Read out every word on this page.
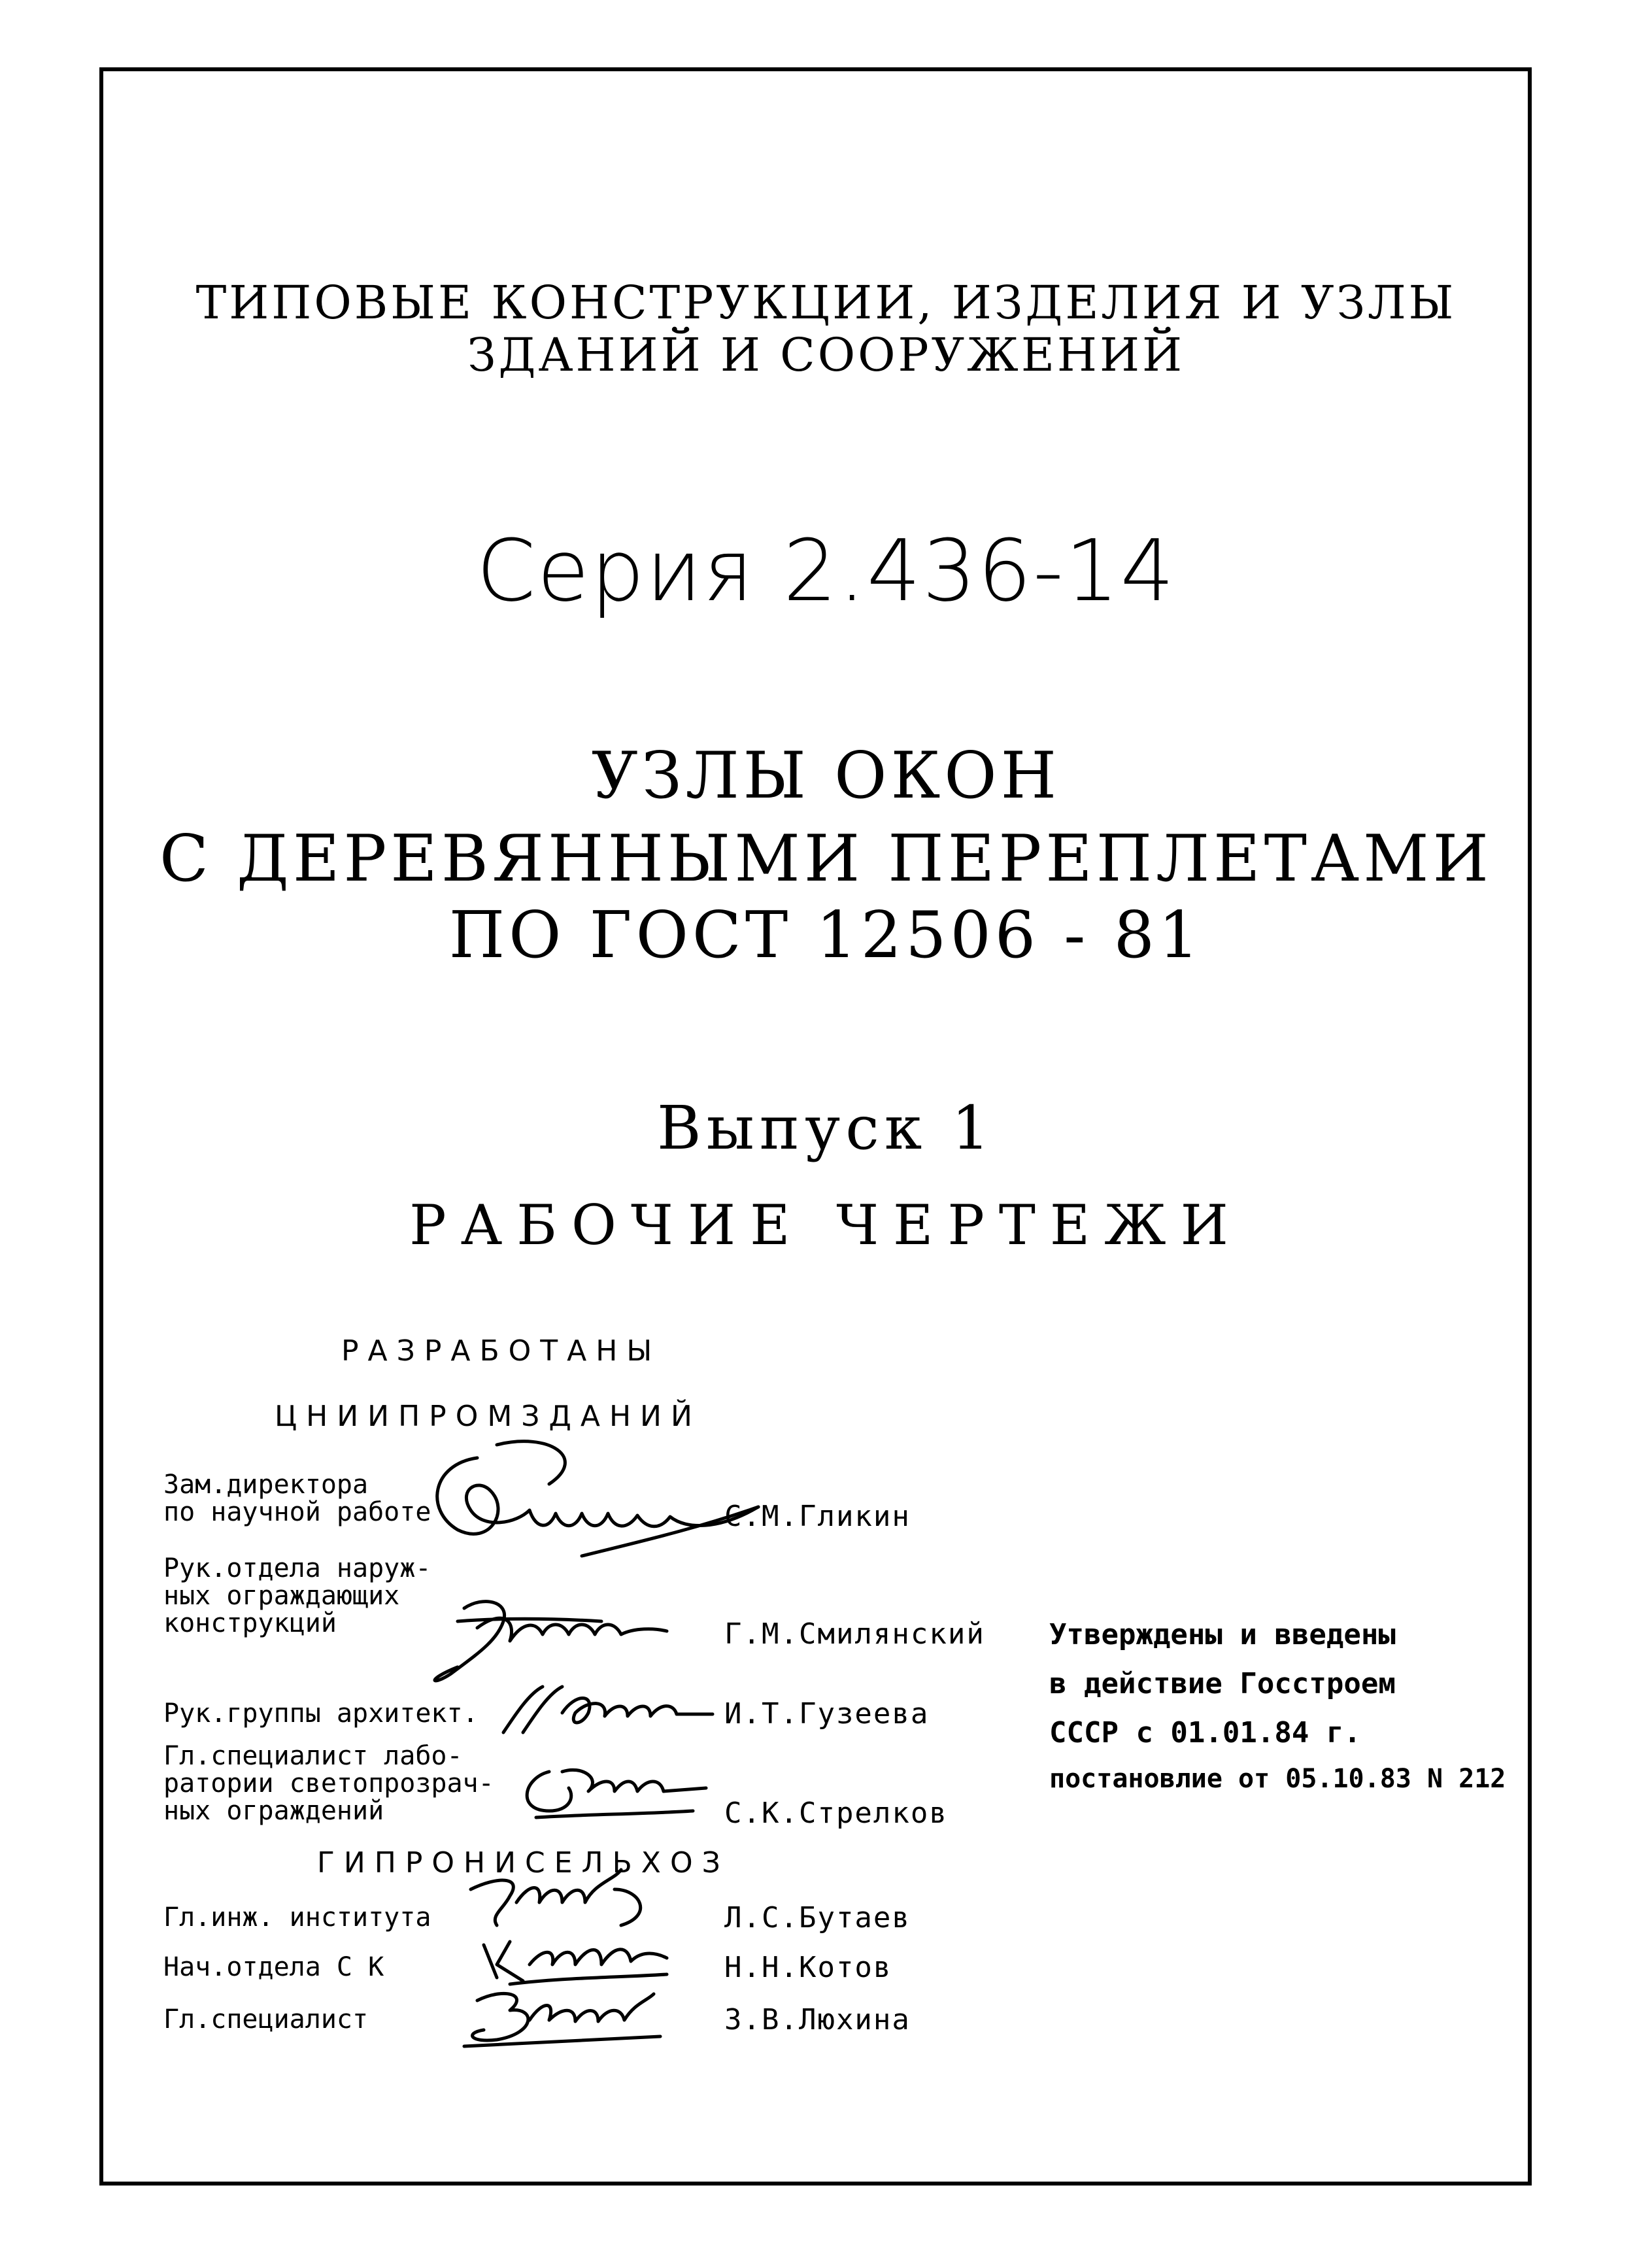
ТИПОВЫЕ КОНСТРУКЦИИ, ИЗДЕЛИЯ И УЗЛЫ
ЗДАНИЙ И СООРУЖЕНИЙ
Серия 2.436-14
УЗЛЫ ОКОН
С ДЕРЕВЯННЫМИ ПЕРЕПЛЕТАМИ
ПО ГОСТ 12506 - 81
Выпуск 1
РАБОЧИЕ ЧЕРТЕЖИ
РАЗРАБОТАНЫ
ЦНИИПРОМЗДАНИЙ
Зам.директора
по научной работе	С.М.Гликин
Рук.отдела наруж-
ных ограждающих
конструкций	Г.М.Смилянский
Рук.группы архитект.	И.Т.Гузеева
Гл.специалист лабо-
ратории светопрозрач-
ных ограждений	С.К.Стрелков
ГИПРОНИСЕЛЬХОЗ
Гл.инж. института	Л.С.Бутаев
Нач.отдела С К	Н.Н.Котов
Гл.специалист	З.В.Люхина
Утверждены и введены
в действие Госстроем
СССР с 01.01.84 г.
постановлие от 05.10.83 N 212
